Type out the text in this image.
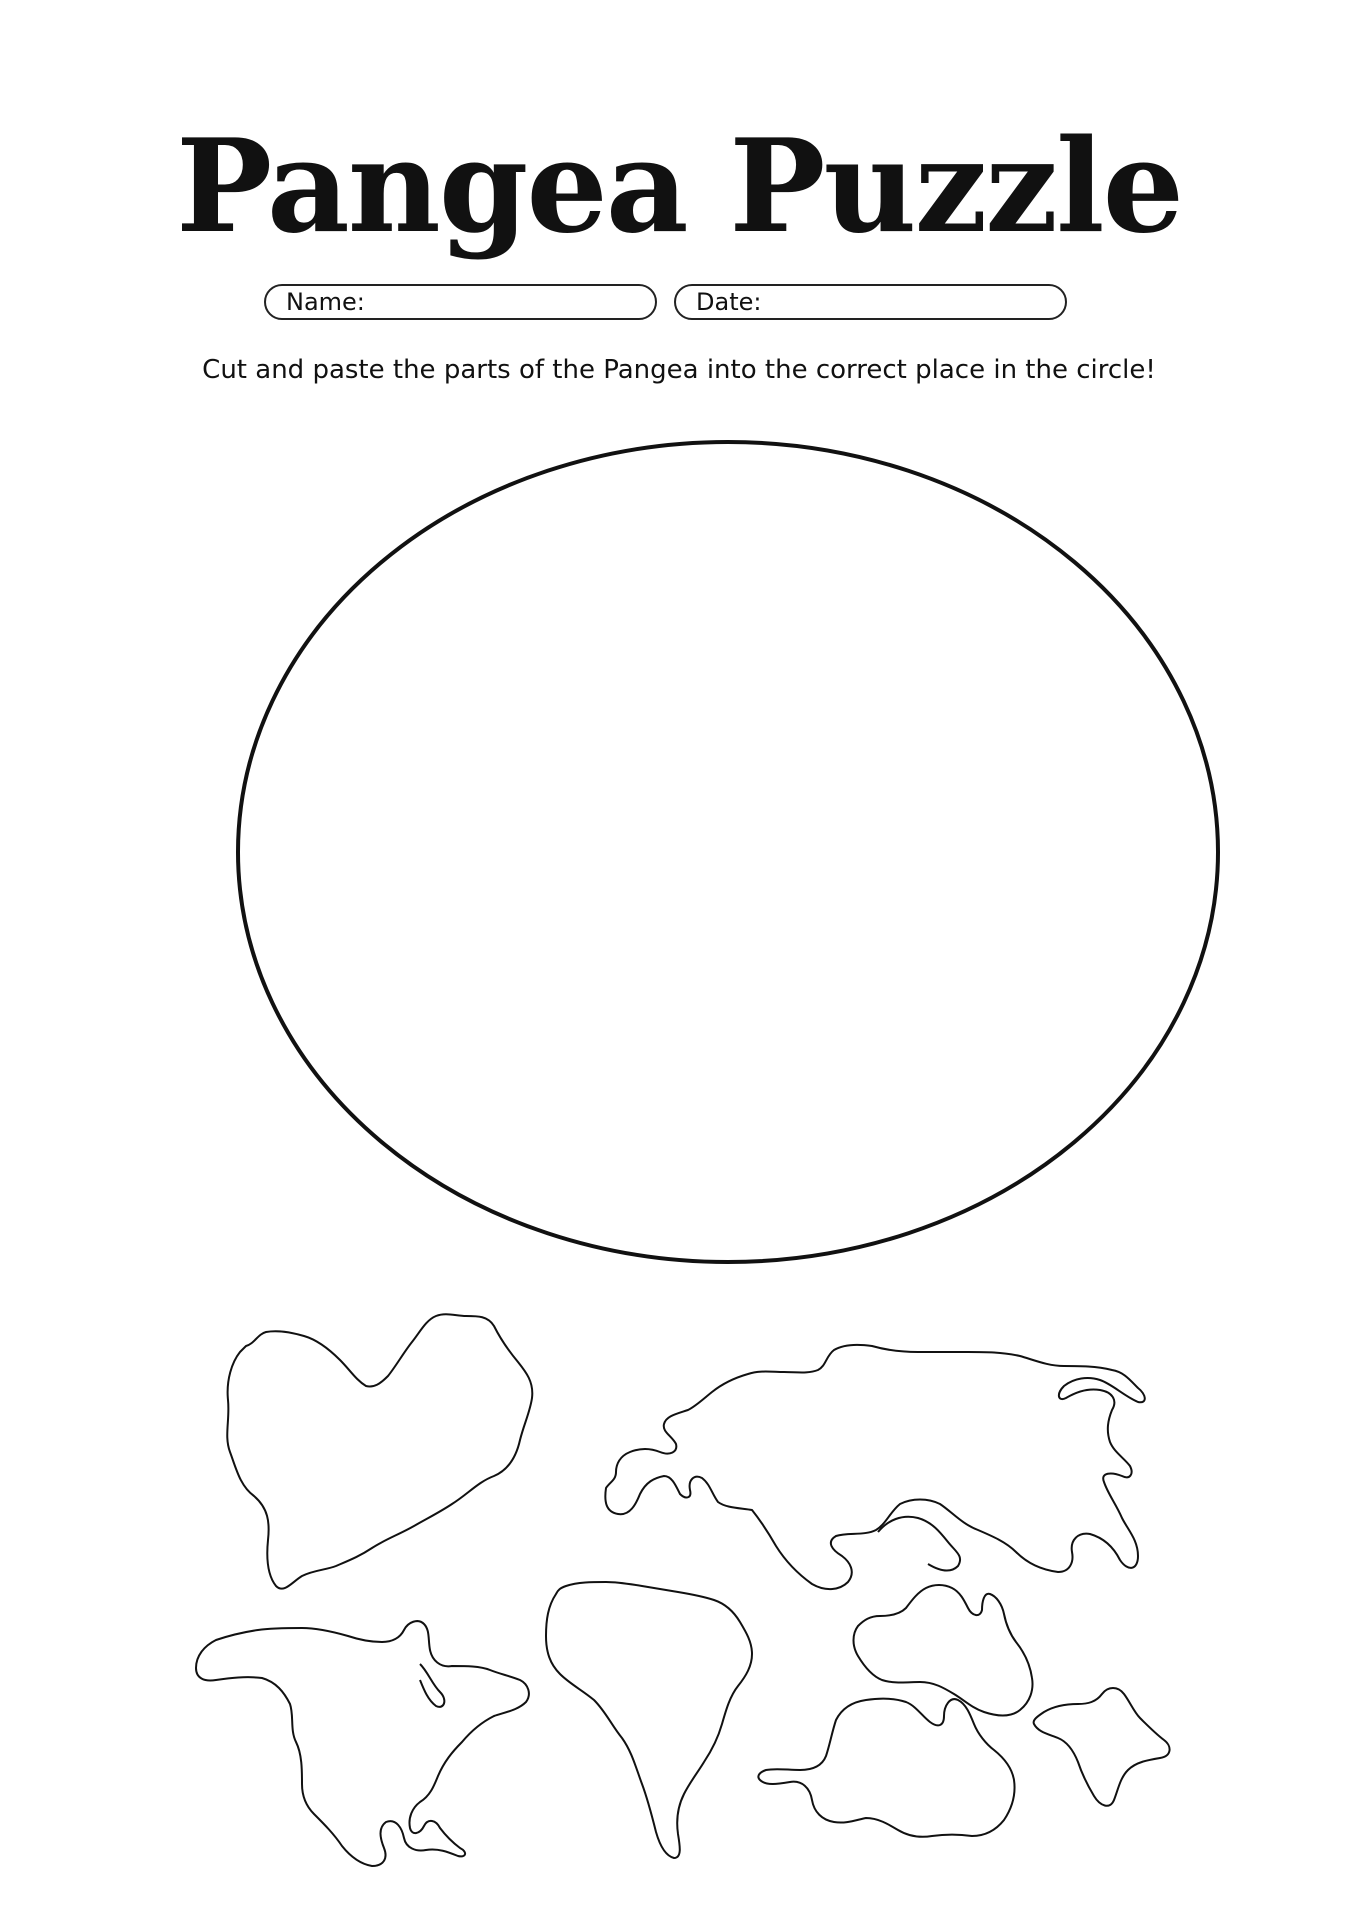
Pangea Puzzle
Name:	Date:
Cut and paste the parts of the Pangea into the correct place in the circle!
